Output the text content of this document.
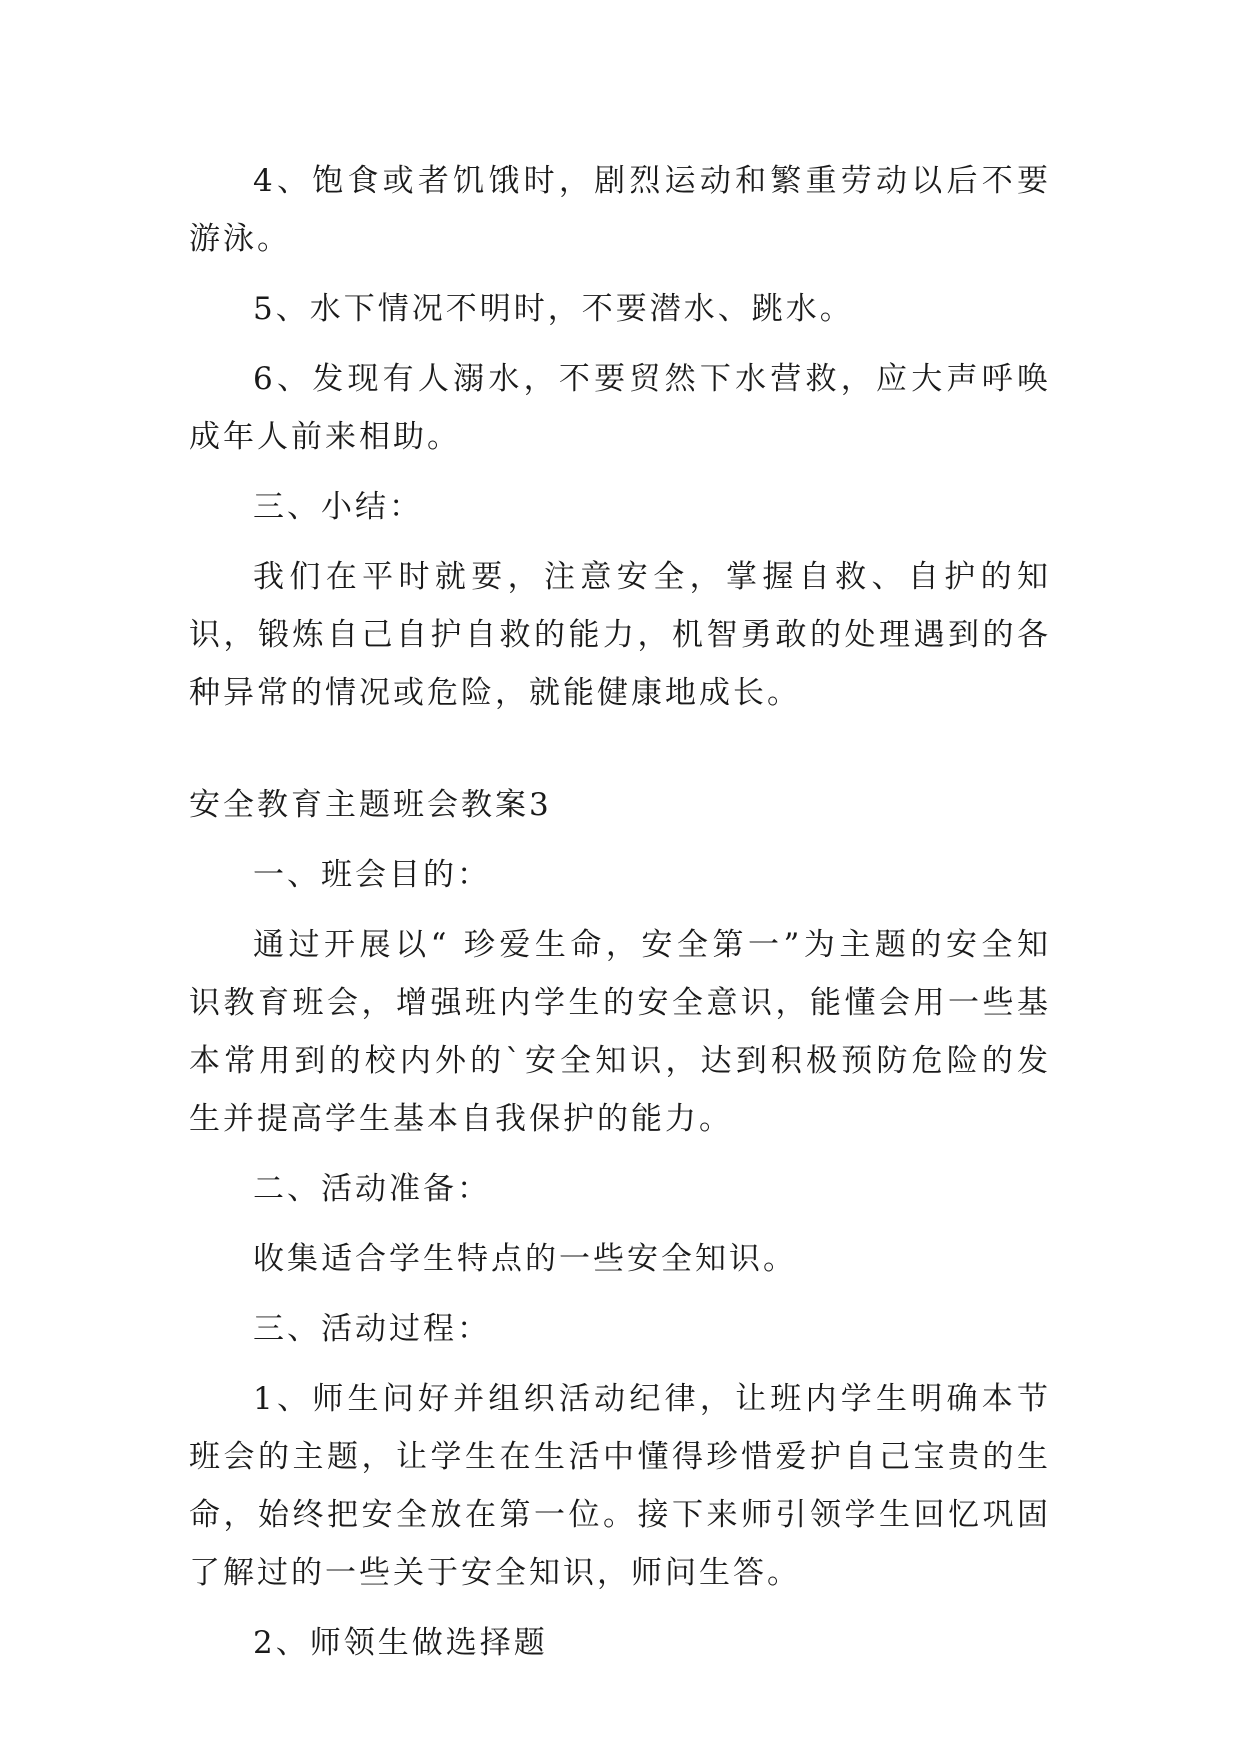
4、饱食或者饥饿时，剧烈运动和繁重劳动以后不要游泳。

5、水下情况不明时，不要潜水、跳水。

6、发现有人溺水，不要贸然下水营救，应大声呼唤成年人前来相助。

三、小结：

我们在平时就要，注意安全，掌握自救、自护的知识，锻炼自己自护自救的能力，机智勇敢的处理遇到的各种异常的情况或危险，就能健康地成长。

安全教育主题班会教案3

一、班会目的：

通过开展以“ 珍爱生命，安全第一”为主题的安全知识教育班会，增强班内学生的安全意识，能懂会用一些基本常用到的校内外的`安全知识，达到积极预防危险的发生并提高学生基本自我保护的能力。

二、活动准备：

收集适合学生特点的一些安全知识。

三、活动过程：

1、师生问好并组织活动纪律，让班内学生明确本节班会的主题，让学生在生活中懂得珍惜爱护自己宝贵的生命，始终把安全放在第一位。接下来师引领学生回忆巩固了解过的一些关于安全知识，师问生答。

2、师领生做选择题
